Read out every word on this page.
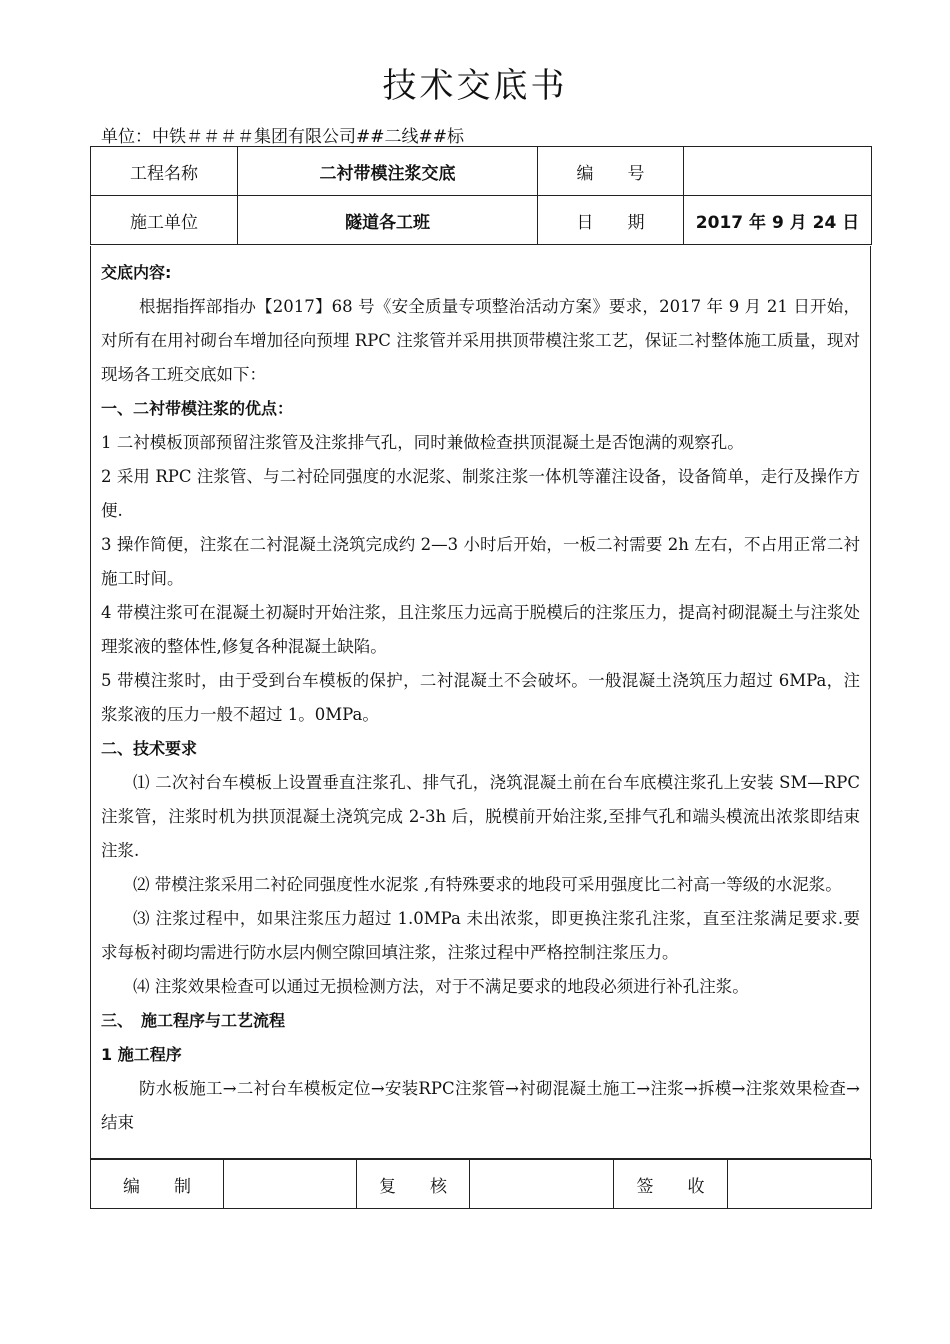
技术交底书
单位：中铁＃＃＃＃集团有限公司##二线##标
工程名称	二衬带模注浆交底	编　　号	
施工单位	隧道各工班	日　　期	2017 年 9 月 24 日

交底内容:

根据指挥部指办【2017】68 号《安全质量专项整治活动方案》要求，2017 年 9 月 21 日开始，对所有在用衬砌台车增加径向预埋 RPC 注浆管并采用拱顶带模注浆工艺，保证二衬整体施工质量，现对现场各工班交底如下：

一、二衬带模注浆的优点：

1 二衬模板顶部预留注浆管及注浆排气孔，同时兼做检查拱顶混凝土是否饱满的观察孔。

2 采用 RPC 注浆管、与二衬砼同强度的水泥浆、制浆注浆一体机等灌注设备，设备简单，走行及操作方便.

3 操作简便，注浆在二衬混凝土浇筑完成约 2—3 小时后开始，一板二衬需要 2h 左右，不占用正常二衬施工时间。

4 带模注浆可在混凝土初凝时开始注浆，且注浆压力远高于脱模后的注浆压力，提高衬砌混凝土与注浆处理浆液的整体性,修复各种混凝土缺陷。

5 带模注浆时，由于受到台车模板的保护，二衬混凝土不会破坏。一般混凝土浇筑压力超过 6MPa，注浆浆液的压力一般不超过 1。0MPa。

二、技术要求

⑴ 二次衬台车模板上设置垂直注浆孔、排气孔，浇筑混凝土前在台车底模注浆孔上安装 SM—RPC 注浆管，注浆时机为拱顶混凝土浇筑完成 2-3h 后，脱模前开始注浆,至排气孔和端头模流出浓浆即结束注浆.

⑵ 带模注浆采用二衬砼同强度性水泥浆 ,有特殊要求的地段可采用强度比二衬高一等级的水泥浆。

⑶ 注浆过程中，如果注浆压力超过 1.0MPa 未出浓浆，即更换注浆孔注浆，直至注浆满足要求.要求每板衬砌均需进行防水层内侧空隙回填注浆，注浆过程中严格控制注浆压力。

⑷ 注浆效果检查可以通过无损检测方法，对于不满足要求的地段必须进行补孔注浆。

三、　施工程序与工艺流程

1 施工程序

防水板施工→二衬台车模板定位→安装RPC注浆管→衬砌混凝土施工→注浆→拆模→注浆效果检查→结束

编　　制		复　　核		签　　收	
